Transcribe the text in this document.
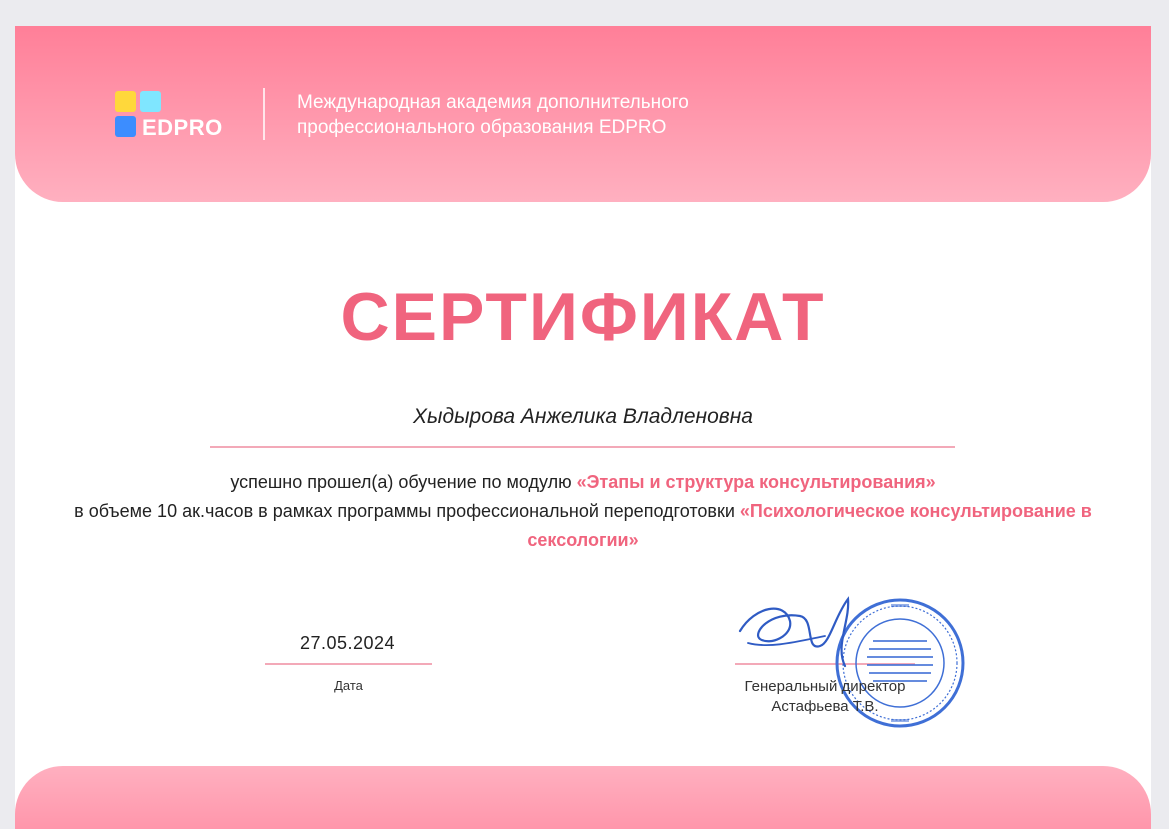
EDPRO
Международная академия дополнительного
профессионального образования EDPRO
СЕРТИФИКАТ
Хыдырова Анжелика Владленовна
успешно прошел(а) обучение по модулю «Этапы и структура консультирования»
в объеме 10 ак.часов в рамках программы профессиональной переподготовки «Психологическое консультирование в сексологии»
27.05.2024
Дата	Генеральный директор
Астафьева Т.В.
